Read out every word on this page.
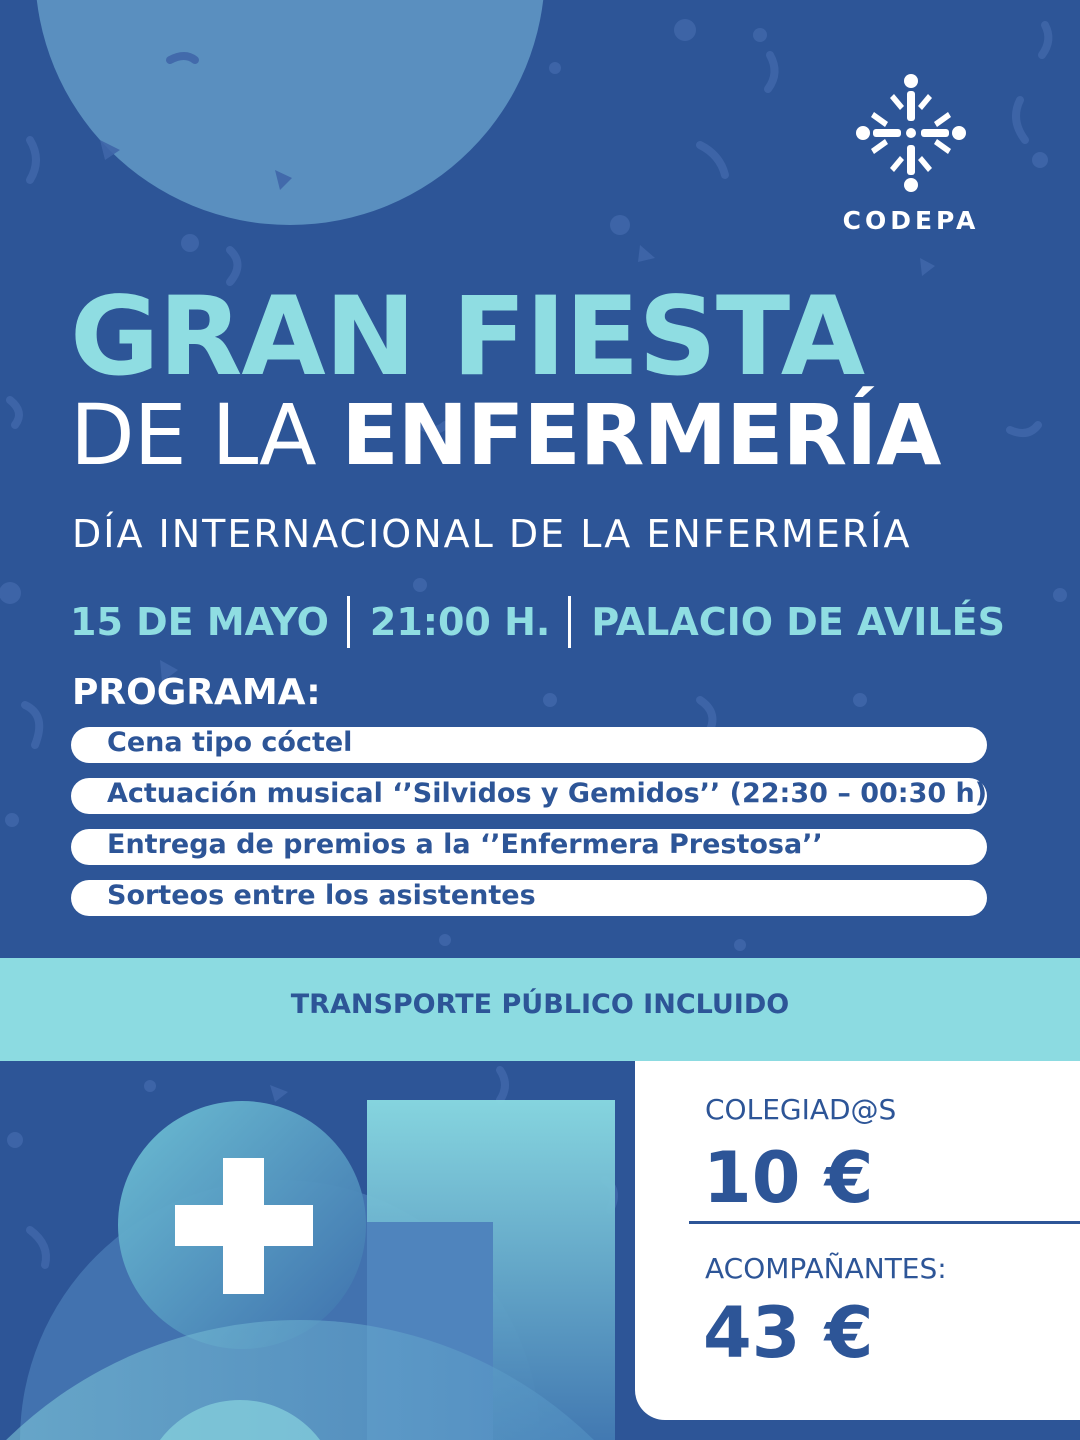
CODEPA
GRAN FIESTA
DE LA ENFERMERÍA
DÍA INTERNACIONAL DE LA ENFERMERÍA
15 DE MAYO 21:00 H. PALACIO DE AVILÉS
PROGRAMA:
Cena tipo cóctel
Actuación musical ‘’Silvidos y Gemidos’’ (22:30 – 00:30 h)
Entrega de premios a la ‘’Enfermera Prestosa’’
Sorteos entre los asistentes
TRANSPORTE PÚBLICO INCLUIDO
COLEGIAD@S
10 €
ACOMPAÑANTES:
43 €
